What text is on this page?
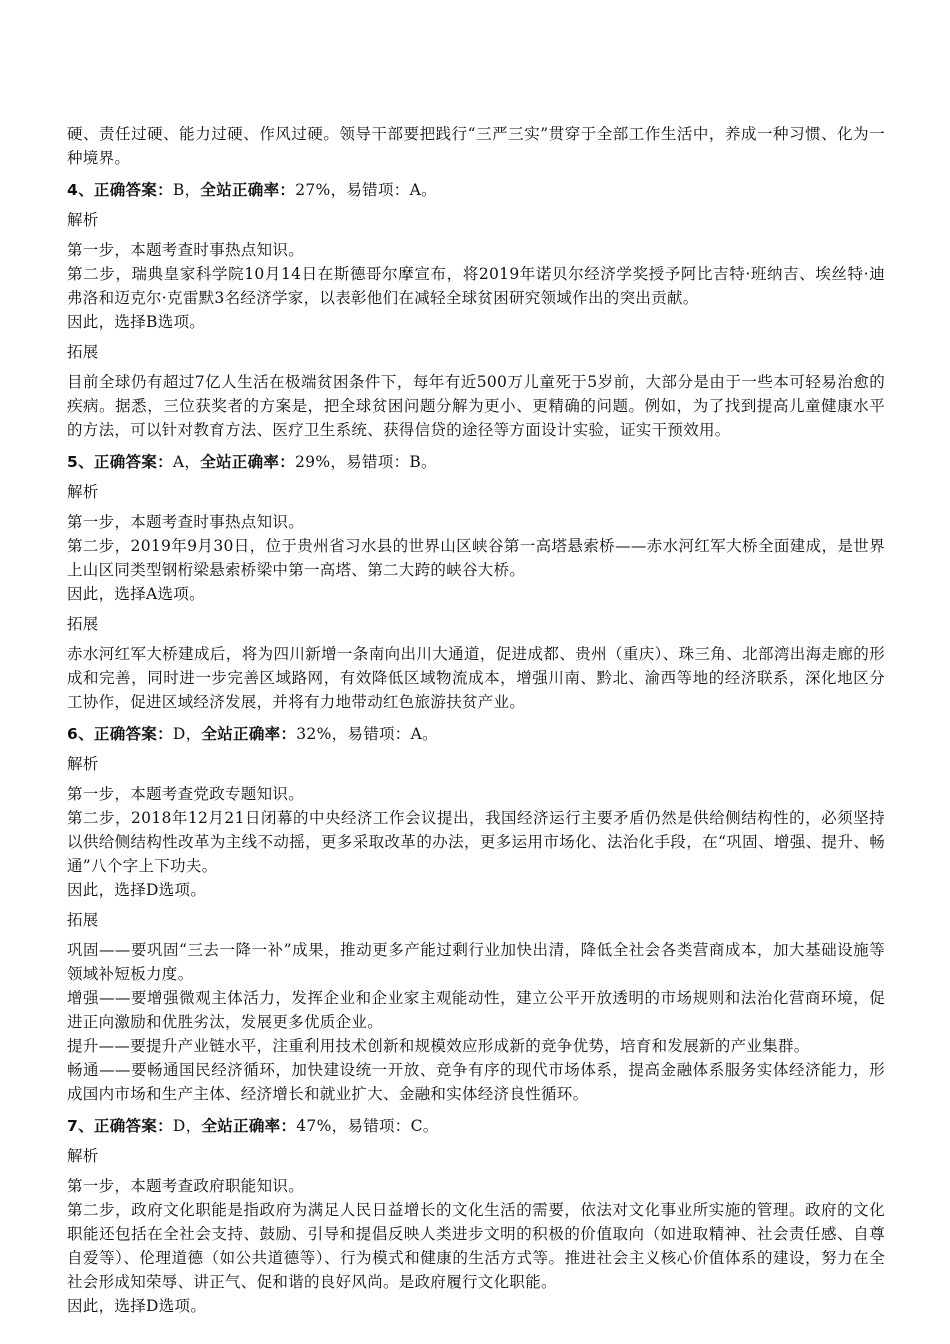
硬、责任过硬、能力过硬、作风过硬。领导干部要把践行“三严三实”贯穿于全部工作生活中，养成一种习惯、化为一种境界。

4、正确答案：B，全站正确率：27%，易错项：A。

解析

第一步，本题考查时事热点知识。

第二步，瑞典皇家科学院10月14日在斯德哥尔摩宣布，将2019年诺贝尔经济学奖授予阿比吉特·班纳吉、埃丝特·迪弗洛和迈克尔·克雷默3名经济学家，以表彰他们在减轻全球贫困研究领域作出的突出贡献。

因此，选择B选项。

拓展

目前全球仍有超过7亿人生活在极端贫困条件下，每年有近500万儿童死于5岁前，大部分是由于一些本可轻易治愈的疾病。据悉，三位获奖者的方案是，把全球贫困问题分解为更小、更精确的问题。例如，为了找到提高儿童健康水平的方法，可以针对教育方法、医疗卫生系统、获得信贷的途径等方面设计实验，证实干预效用。

5、正确答案：A，全站正确率：29%，易错项：B。

解析

第一步，本题考查时事热点知识。

第二步，2019年9月30日，位于贵州省习水县的世界山区峡谷第一高塔悬索桥——赤水河红军大桥全面建成，是世界上山区同类型钢桁梁悬索桥梁中第一高塔、第二大跨的峡谷大桥。

因此，选择A选项。

拓展

赤水河红军大桥建成后，将为四川新增一条南向出川大通道，促进成都、贵州（重庆）、珠三角、北部湾出海走廊的形成和完善，同时进一步完善区域路网，有效降低区域物流成本，增强川南、黔北、渝西等地的经济联系，深化地区分工协作，促进区域经济发展，并将有力地带动红色旅游扶贫产业。

6、正确答案：D，全站正确率：32%，易错项：A。

解析

第一步，本题考查党政专题知识。

第二步，2018年12月21日闭幕的中央经济工作会议提出，我国经济运行主要矛盾仍然是供给侧结构性的，必须坚持以供给侧结构性改革为主线不动摇，更多采取改革的办法，更多运用市场化、法治化手段，在“巩固、增强、提升、畅通”八个字上下功夫。

因此，选择D选项。

拓展

巩固——要巩固“三去一降一补”成果，推动更多产能过剩行业加快出清，降低全社会各类营商成本，加大基础设施等领域补短板力度。

增强——要增强微观主体活力，发挥企业和企业家主观能动性，建立公平开放透明的市场规则和法治化营商环境，促进正向激励和优胜劣汰，发展更多优质企业。

提升——要提升产业链水平，注重利用技术创新和规模效应形成新的竞争优势，培育和发展新的产业集群。

畅通——要畅通国民经济循环，加快建设统一开放、竞争有序的现代市场体系，提高金融体系服务实体经济能力，形成国内市场和生产主体、经济增长和就业扩大、金融和实体经济良性循环。

7、正确答案：D，全站正确率：47%，易错项：C。

解析

第一步，本题考查政府职能知识。

第二步，政府文化职能是指政府为满足人民日益增长的文化生活的需要，依法对文化事业所实施的管理。政府的文化职能还包括在全社会支持、鼓励、引导和提倡反映人类进步文明的积极的价值取向（如进取精神、社会责任感、自尊自爱等）、伦理道德（如公共道德等）、行为模式和健康的生活方式等。推进社会主义核心价值体系的建设，努力在全社会形成知荣辱、讲正气、促和谐的良好风尚。是政府履行文化职能。

因此，选择D选项。
